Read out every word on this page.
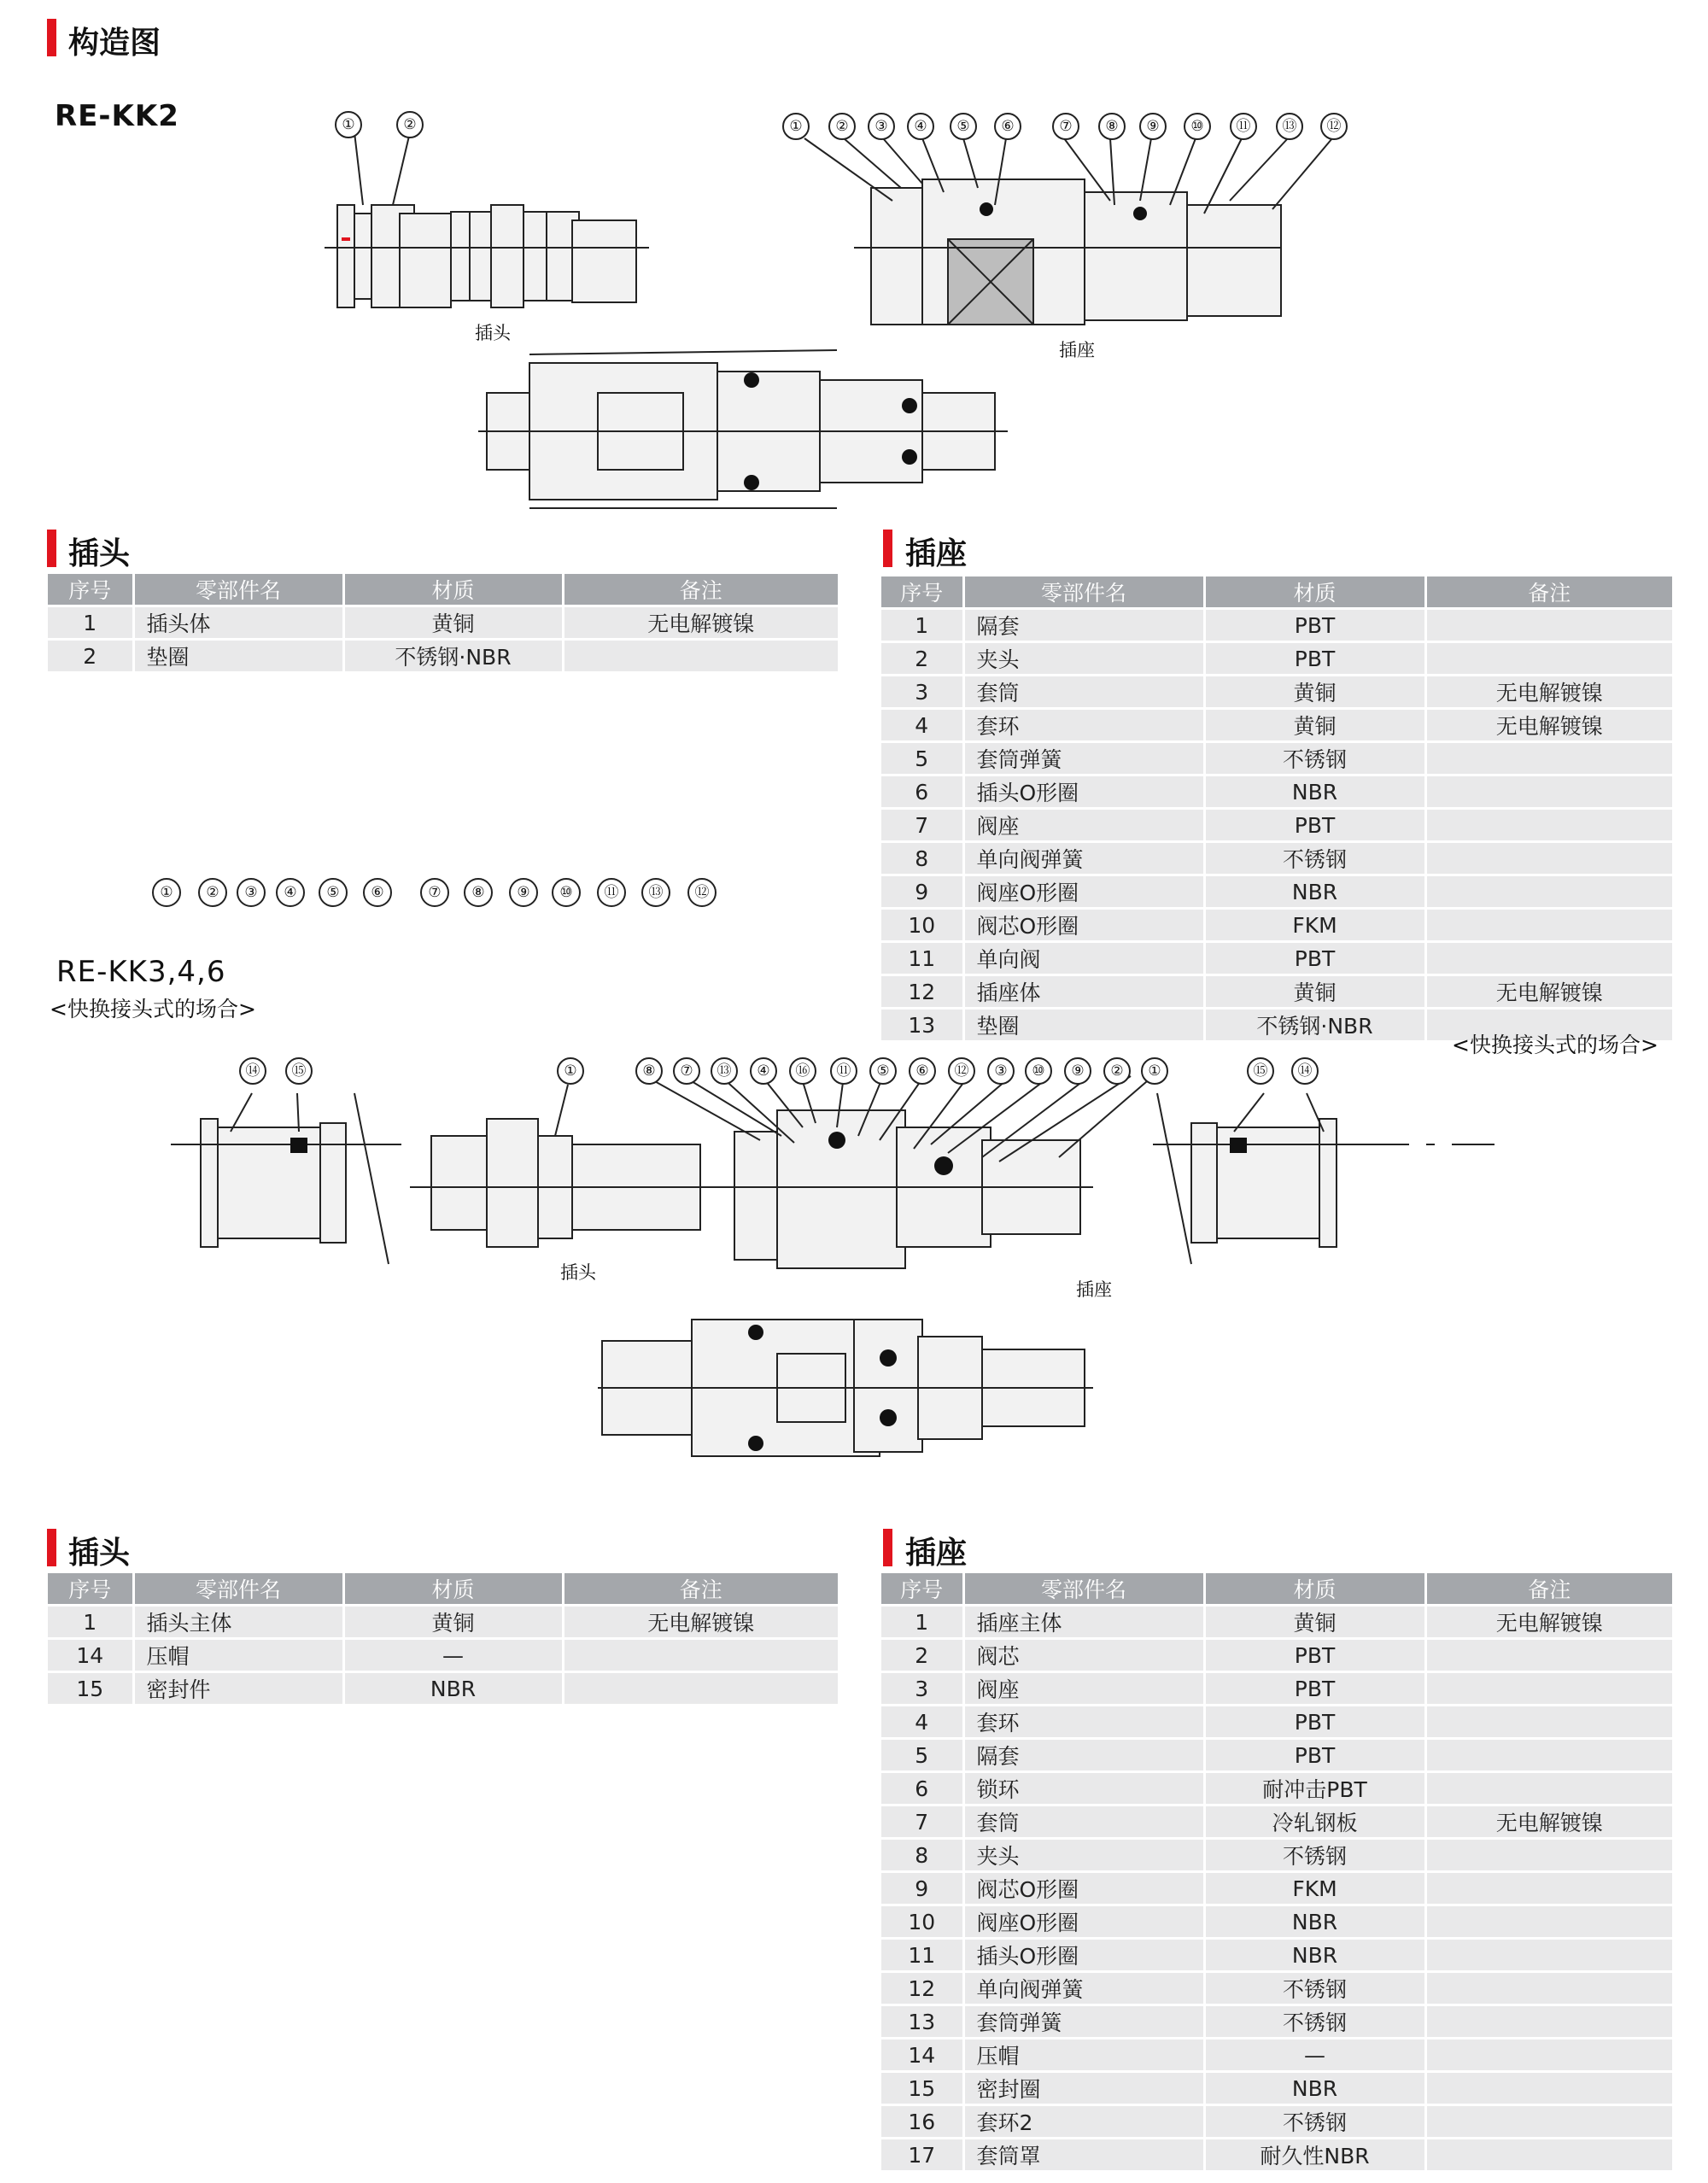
构造图
RE-KK2	①	②
插头
①	②	③	④	⑤	⑥	⑦	⑧	⑨	⑩	⑪	⑬	⑫
插座
插头
序号	零部件名	材质	备注
1	插头体	黄铜	无电解镀镍
2	垫圈	不锈钢·NBR	
插座
序号	零部件名	材质	备注
1	隔套	PBT	
2	夹头	PBT	
3	套筒	黄铜	无电解镀镍
4	套环	黄铜	无电解镀镍
5	套筒弹簧	不锈钢	
6	插头O形圈	NBR	
7	阀座	PBT	
8	单向阀弹簧	不锈钢	
9	阀座O形圈	NBR	
10	阀芯O形圈	FKM	
11	单向阀	PBT	
12	插座体	黄铜	无电解镀镍
13	垫圈	不锈钢·NBR	
①	②	③	④	⑤	⑥	⑦	⑧	⑨	⑩	⑪	⑬	⑫
RE-KK3,4,6
<快换接头式的场合>
<快换接头式的场合>
⑭	⑮	①
插头
⑧	⑦	⑬	④	⑯	⑪	⑤	⑥	⑫	③	⑩	⑨	②	①
插座
⑮	⑭
插头
序号	零部件名	材质	备注
1	插头主体	黄铜	无电解镀镍
14	压帽	—	
15	密封件	NBR	
插座
序号	零部件名	材质	备注
1	插座主体	黄铜	无电解镀镍
2	阀芯	PBT	
3	阀座	PBT	
4	套环	PBT	
5	隔套	PBT	
6	锁环	耐冲击PBT	
7	套筒	冷轧钢板	无电解镀镍
8	夹头	不锈钢	
9	阀芯O形圈	FKM	
10	阀座O形圈	NBR	
11	插头O形圈	NBR	
12	单向阀弹簧	不锈钢	
13	套筒弹簧	不锈钢	
14	压帽	—	
15	密封圈	NBR	
16	套环2	不锈钢	
17	套筒罩	耐久性NBR	
